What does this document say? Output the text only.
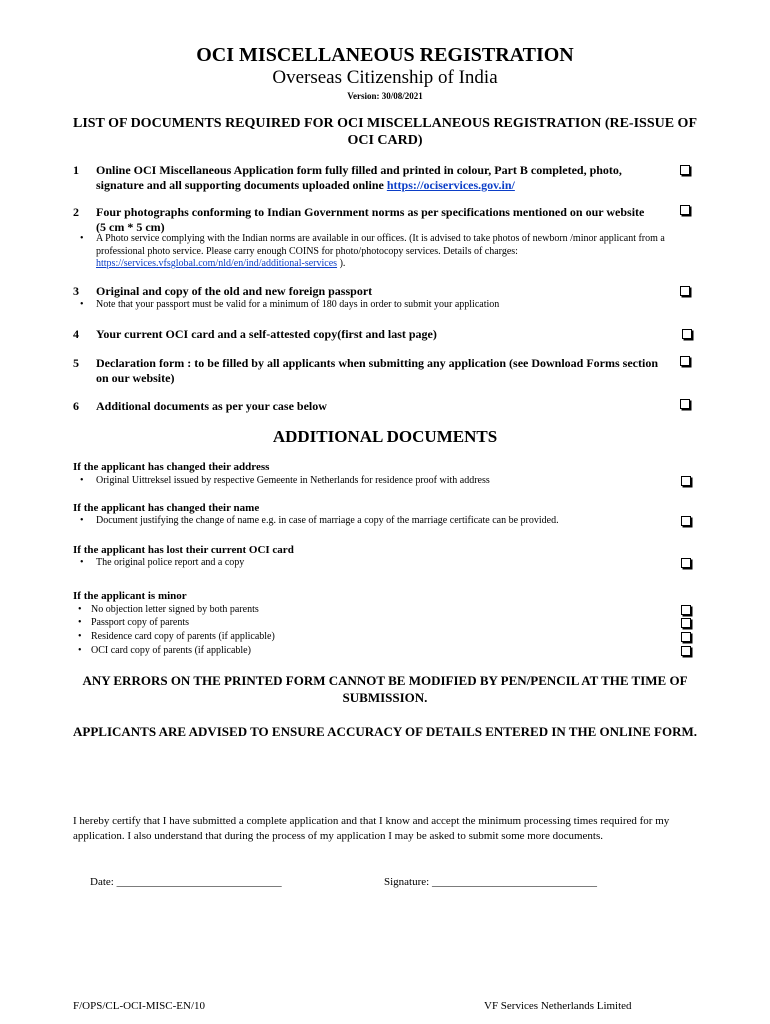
OCI MISCELLANEOUS REGISTRATION
Overseas Citizenship of India
Version: 30/08/2021
LIST OF DOCUMENTS REQUIRED FOR OCI MISCELLANEOUS REGISTRATION (RE-ISSUE OF OCI CARD)
1 Online OCI Miscellaneous Application form fully filled and printed in colour, Part B completed, photo, signature and all supporting documents uploaded online https://ociservices.gov.in/
2 Four photographs conforming to Indian Government norms as per specifications mentioned on our website (5 cm * 5 cm)
• A Photo service complying with the Indian norms are available in our offices. (It is advised to take photos of newborn /minor applicant from a professional photo service. Please carry enough COINS for photo/photocopy services. Details of charges: https://services.vfsglobal.com/nld/en/ind/additional-services ).
3 Original and copy of the old and new foreign passport
• Note that your passport must be valid for a minimum of 180 days in order to submit your application
4 Your current OCI card and a self-attested copy(first and last page)
5 Declaration form : to be filled by all applicants when submitting any application (see Download Forms section on our website)
6 Additional documents as per your case below
ADDITIONAL DOCUMENTS
If the applicant has changed their address
• Original Uittreksel issued by respective Gemeente in Netherlands for residence proof with address
If the applicant has changed their name
• Document justifying the change of name e.g. in case of marriage a copy of the marriage certificate can be provided.
If the applicant has lost their current OCI card
• The original police report and a copy
If the applicant is minor
• No objection letter signed by both parents
• Passport copy of parents
• Residence card copy of parents (if applicable)
• OCI card copy of parents (if applicable)
ANY ERRORS ON THE PRINTED FORM CANNOT BE MODIFIED BY PEN/PENCIL AT THE TIME OF SUBMISSION.
APPLICANTS ARE ADVISED TO ENSURE ACCURACY OF DETAILS ENTERED IN THE ONLINE FORM.
I hereby certify that I have submitted a complete application and that I know and accept the minimum processing times required for my application. I also understand that during the process of my application I may be asked to submit some more documents.
Date: ______________________________	Signature: ______________________________
F/OPS/CL-OCI-MISC-EN/10	VF Services Netherlands Limited
